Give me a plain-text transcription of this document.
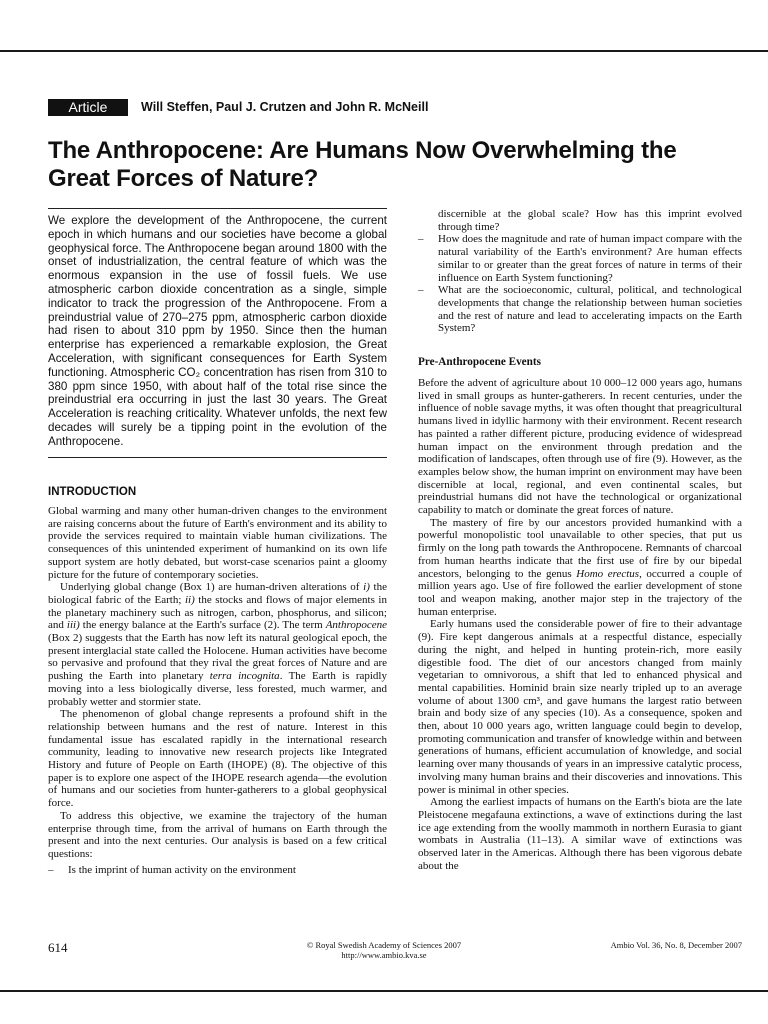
Article	Will Steffen, Paul J. Crutzen and John R. McNeill
The Anthropocene: Are Humans Now Overwhelming the Great Forces of Nature?

We explore the development of the Anthropocene, the current epoch in which humans and our societies have become a global geophysical force. The Anthropocene began around 1800 with the onset of industrialization, the central feature of which was the enormous expansion in the use of fossil fuels. We use atmospheric carbon dioxide concentration as a single, simple indicator to track the progression of the Anthropocene. From a preindustrial value of 270–275 ppm, atmospheric carbon dioxide had risen to about 310 ppm by 1950. Since then the human enterprise has experienced a remarkable explosion, the Great Acceleration, with significant consequences for Earth System functioning. Atmospheric CO₂ concentration has risen from 310 to 380 ppm since 1950, with about half of the total rise since the preindustrial era occurring in just the last 30 years. The Great Acceleration is reaching criticality. Whatever unfolds, the next few decades will surely be a tipping point in the evolution of the Anthropocene.

INTRODUCTION

Global warming and many other human-driven changes to the environment are raising concerns about the future of Earth's environment and its ability to provide the services required to maintain viable human civilizations. The consequences of this unintended experiment of humankind on its own life support system are hotly debated, but worst-case scenarios paint a gloomy picture for the future of contemporary societies.

Underlying global change (Box 1) are human-driven alterations of i) the biological fabric of the Earth; ii) the stocks and flows of major elements in the planetary machinery such as nitrogen, carbon, phosphorus, and silicon; and iii) the energy balance at the Earth's surface (2). The term Anthropocene (Box 2) suggests that the Earth has now left its natural geological epoch, the present interglacial state called the Holocene. Human activities have become so pervasive and profound that they rival the great forces of Nature and are pushing the Earth into planetary terra incognita. The Earth is rapidly moving into a less biologically diverse, less forested, much warmer, and probably wetter and stormier state.

The phenomenon of global change represents a profound shift in the relationship between humans and the rest of nature. Interest in this fundamental issue has escalated rapidly in the international research community, leading to innovative new research projects like Integrated History and future of People on Earth (IHOPE) (8). The objective of this paper is to explore one aspect of the IHOPE research agenda—the evolution of humans and our societies from hunter-gatherers to a global geophysical force.

To address this objective, we examine the trajectory of the human enterprise through time, from the arrival of humans on Earth through the present and into the next centuries. Our analysis is based on a few critical questions:

– Is the imprint of human activity on the environment

discernible at the global scale? How has this imprint evolved through time?

– How does the magnitude and rate of human impact compare with the natural variability of the Earth's environment? Are human effects similar to or greater than the great forces of nature in terms of their influence on Earth System functioning?

– What are the socioeconomic, cultural, political, and technological developments that change the relationship between human societies and the rest of nature and lead to accelerating impacts on the Earth System?

Pre-Anthropocene Events

Before the advent of agriculture about 10 000–12 000 years ago, humans lived in small groups as hunter-gatherers. In recent centuries, under the influence of noble savage myths, it was often thought that preagricultural humans lived in idyllic harmony with their environment. Recent research has painted a rather different picture, producing evidence of widespread human impact on the environment through predation and the modification of landscapes, often through use of fire (9). However, as the examples below show, the human imprint on environment may have been discernible at local, regional, and even continental scales, but preindustrial humans did not have the technological or organizational capability to match or dominate the great forces of nature.

The mastery of fire by our ancestors provided humankind with a powerful monopolistic tool unavailable to other species, that put us firmly on the long path towards the Anthropocene. Remnants of charcoal from human hearths indicate that the first use of fire by our bipedal ancestors, belonging to the genus Homo erectus, occurred a couple of million years ago. Use of fire followed the earlier development of stone tool and weapon making, another major step in the trajectory of the human enterprise.

Early humans used the considerable power of fire to their advantage (9). Fire kept dangerous animals at a respectful distance, especially during the night, and helped in hunting protein-rich, more easily digestible food. The diet of our ancestors changed from mainly vegetarian to omnivorous, a shift that led to enhanced physical and mental capabilities. Hominid brain size nearly tripled up to an average volume of about 1300 cm³, and gave humans the largest ratio between brain and body size of any species (10). As a consequence, spoken and then, about 10 000 years ago, written language could begin to develop, promoting communication and transfer of knowledge within and between generations of humans, efficient accumulation of knowledge, and social learning over many thousands of years in an impressive catalytic process, involving many human brains and their discoveries and innovations. This power is minimal in other species.

Among the earliest impacts of humans on the Earth's biota are the late Pleistocene megafauna extinctions, a wave of extinctions during the last ice age extending from the woolly mammoth in northern Eurasia to giant wombats in Australia (11–13). A similar wave of extinctions was observed later in the Americas. Although there has been vigorous debate about the

614	© Royal Swedish Academy of Sciences 2007
http://www.ambio.kva.se
Ambio Vol. 36, No. 8, December 2007
